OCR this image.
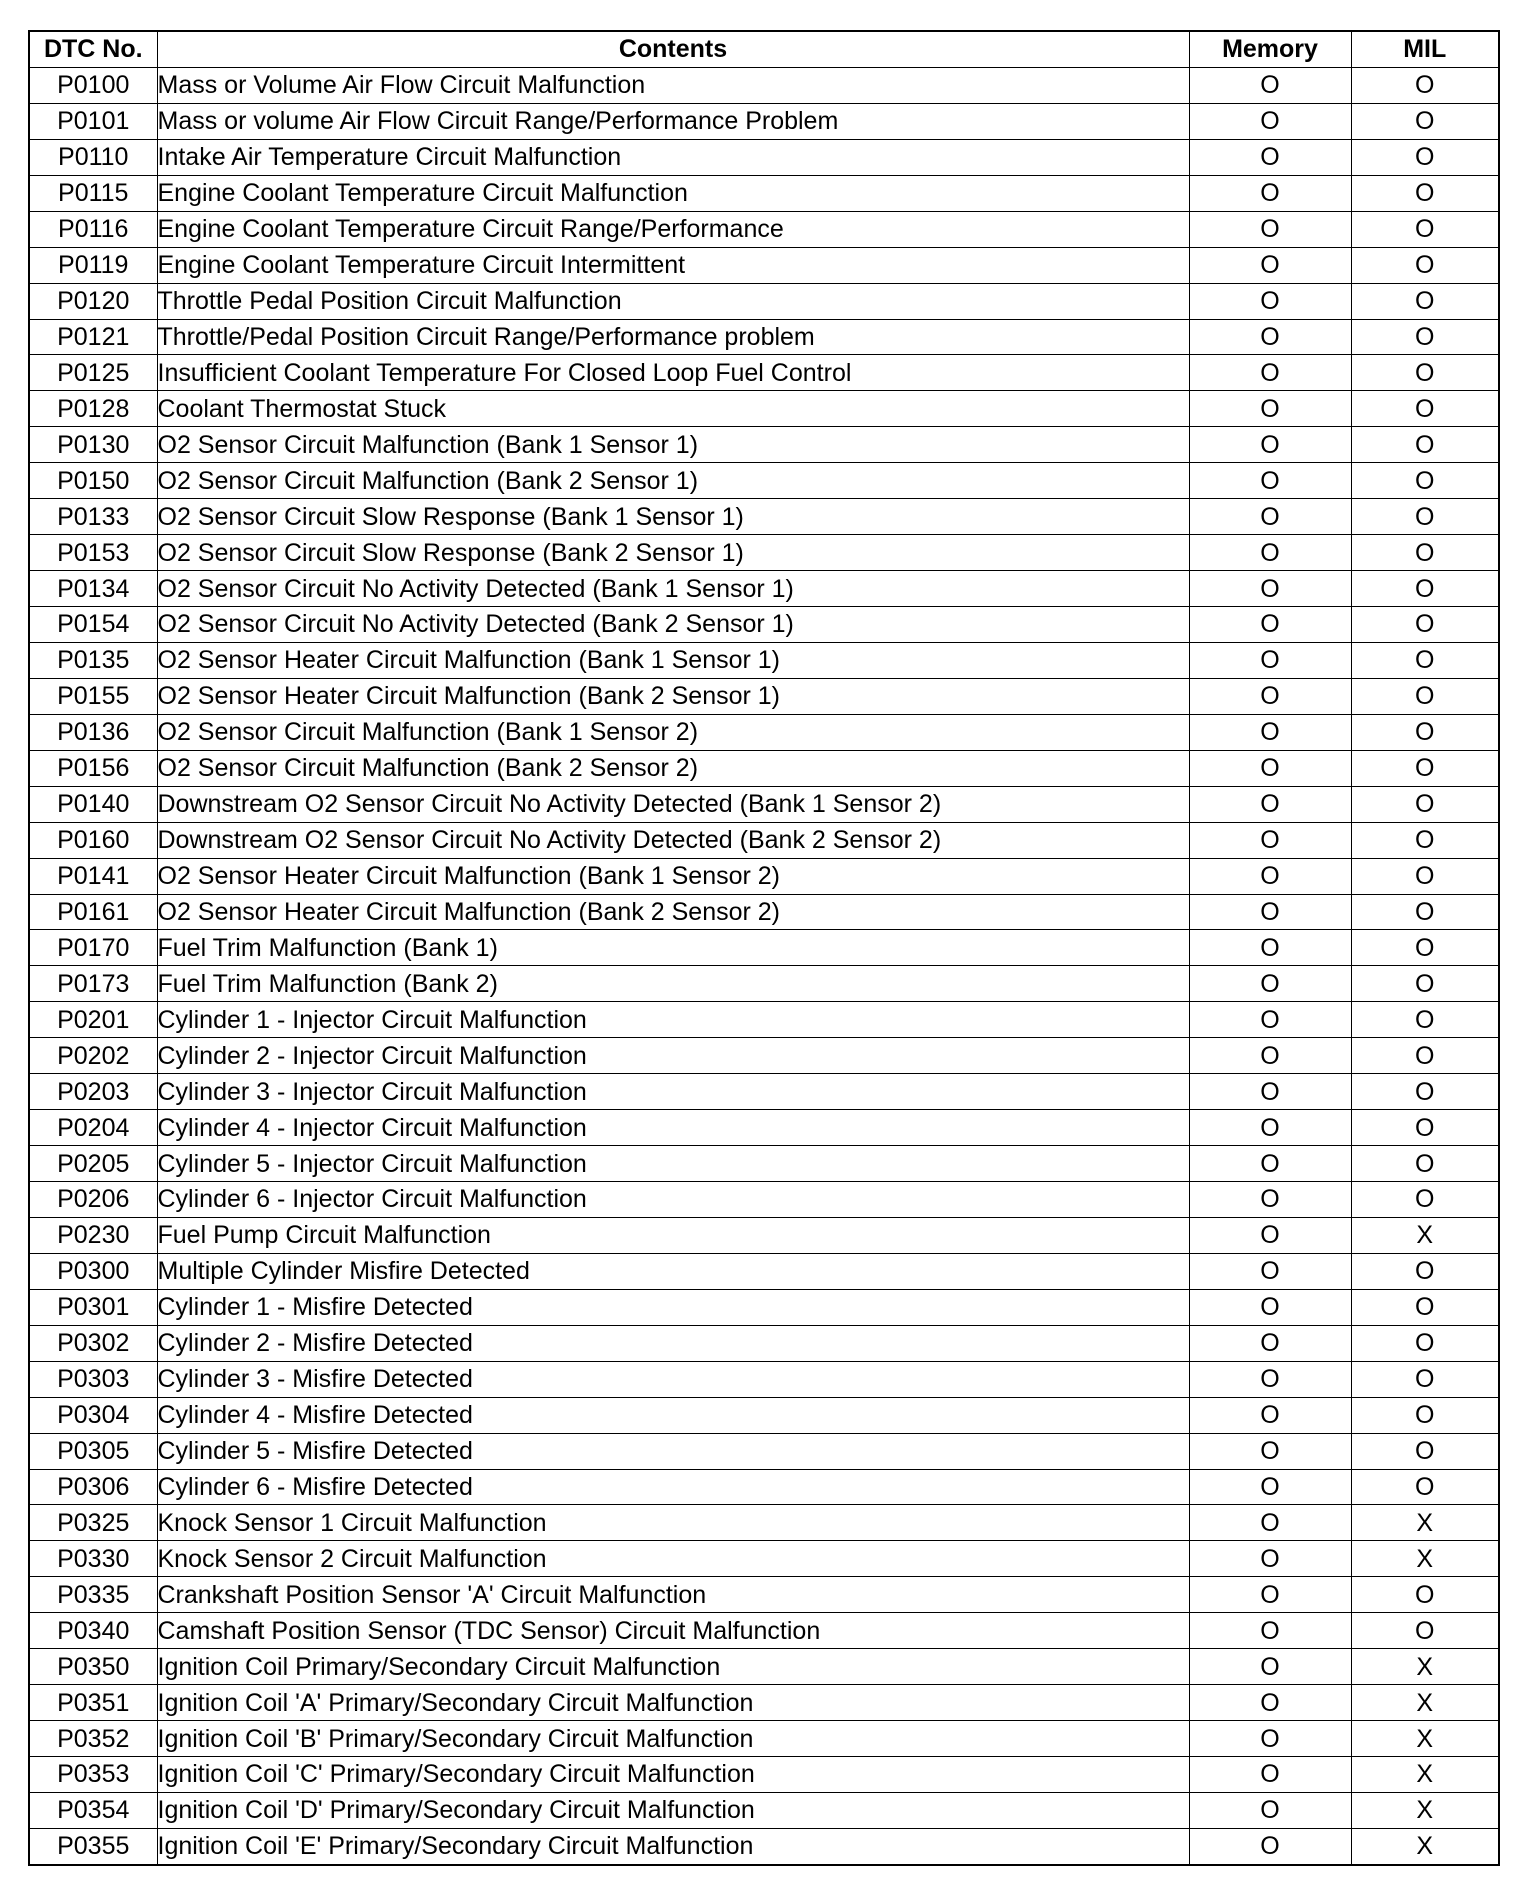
DTC No.	Contents	Memory	MIL
P0100	Mass or Volume Air Flow Circuit Malfunction	O	O
P0101	Mass or volume Air Flow Circuit Range/Performance Problem	O	O
P0110	Intake Air Temperature Circuit Malfunction	O	O
P0115	Engine Coolant Temperature Circuit Malfunction	O	O
P0116	Engine Coolant Temperature Circuit Range/Performance	O	O
P0119	Engine Coolant Temperature Circuit Intermittent	O	O
P0120	Throttle Pedal Position Circuit Malfunction	O	O
P0121	Throttle/Pedal Position Circuit Range/Performance problem	O	O
P0125	Insufficient Coolant Temperature For Closed Loop Fuel Control	O	O
P0128	Coolant Thermostat Stuck	O	O
P0130	O2 Sensor Circuit Malfunction (Bank 1 Sensor 1)	O	O
P0150	O2 Sensor Circuit Malfunction (Bank 2 Sensor 1)	O	O
P0133	O2 Sensor Circuit Slow Response (Bank 1 Sensor 1)	O	O
P0153	O2 Sensor Circuit Slow Response (Bank 2 Sensor 1)	O	O
P0134	O2 Sensor Circuit No Activity Detected (Bank 1 Sensor 1)	O	O
P0154	O2 Sensor Circuit No Activity Detected (Bank 2 Sensor 1)	O	O
P0135	O2 Sensor Heater Circuit Malfunction (Bank 1 Sensor 1)	O	O
P0155	O2 Sensor Heater Circuit Malfunction (Bank 2 Sensor 1)	O	O
P0136	O2 Sensor Circuit Malfunction (Bank 1 Sensor 2)	O	O
P0156	O2 Sensor Circuit Malfunction (Bank 2 Sensor 2)	O	O
P0140	Downstream O2 Sensor Circuit No Activity Detected (Bank 1 Sensor 2)	O	O
P0160	Downstream O2 Sensor Circuit No Activity Detected (Bank 2 Sensor 2)	O	O
P0141	O2 Sensor Heater Circuit Malfunction (Bank 1 Sensor 2)	O	O
P0161	O2 Sensor Heater Circuit Malfunction (Bank 2 Sensor 2)	O	O
P0170	Fuel Trim Malfunction (Bank 1)	O	O
P0173	Fuel Trim Malfunction (Bank 2)	O	O
P0201	Cylinder 1 - Injector Circuit Malfunction	O	O
P0202	Cylinder 2 - Injector Circuit Malfunction	O	O
P0203	Cylinder 3 - Injector Circuit Malfunction	O	O
P0204	Cylinder 4 - Injector Circuit Malfunction	O	O
P0205	Cylinder 5 - Injector Circuit Malfunction	O	O
P0206	Cylinder 6 - Injector Circuit Malfunction	O	O
P0230	Fuel Pump Circuit Malfunction	O	X
P0300	Multiple Cylinder Misfire Detected	O	O
P0301	Cylinder 1 - Misfire Detected	O	O
P0302	Cylinder 2 - Misfire Detected	O	O
P0303	Cylinder 3 - Misfire Detected	O	O
P0304	Cylinder 4 - Misfire Detected	O	O
P0305	Cylinder 5 - Misfire Detected	O	O
P0306	Cylinder 6 - Misfire Detected	O	O
P0325	Knock Sensor 1 Circuit Malfunction	O	X
P0330	Knock Sensor 2 Circuit Malfunction	O	X
P0335	Crankshaft Position Sensor 'A' Circuit Malfunction	O	O
P0340	Camshaft Position Sensor (TDC Sensor) Circuit Malfunction	O	O
P0350	Ignition Coil Primary/Secondary Circuit Malfunction	O	X
P0351	Ignition Coil 'A' Primary/Secondary Circuit Malfunction	O	X
P0352	Ignition Coil 'B' Primary/Secondary Circuit Malfunction	O	X
P0353	Ignition Coil 'C' Primary/Secondary Circuit Malfunction	O	X
P0354	Ignition Coil 'D' Primary/Secondary Circuit Malfunction	O	X
P0355	Ignition Coil 'E' Primary/Secondary Circuit Malfunction	O	X
